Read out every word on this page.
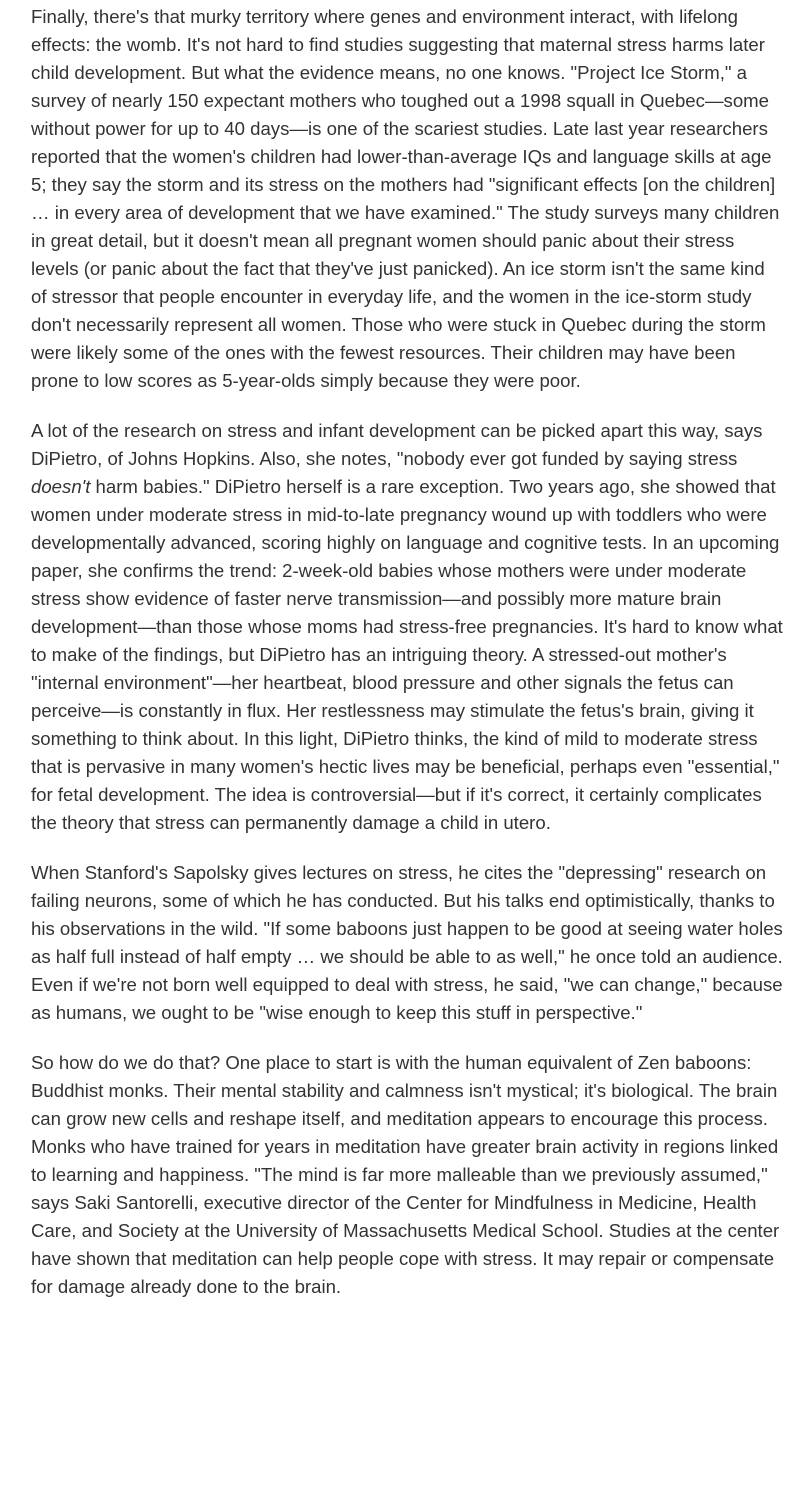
Finally, there's that murky territory where genes and environment interact, with lifelong effects: the womb. It's not hard to find studies suggesting that maternal stress harms later child development. But what the evidence means, no one knows. "Project Ice Storm," a survey of nearly 150 expectant mothers who toughed out a 1998 squall in Quebec—some without power for up to 40 days—is one of the scariest studies. Late last year researchers reported that the women's children had lower-than-average IQs and language skills at age 5; they say the storm and its stress on the mothers had "significant effects [on the children] … in every area of development that we have examined." The study surveys many children in great detail, but it doesn't mean all pregnant women should panic about their stress levels (or panic about the fact that they've just panicked). An ice storm isn't the same kind of stressor that people encounter in everyday life, and the women in the ice-storm study don't necessarily represent all women. Those who were stuck in Quebec during the storm were likely some of the ones with the fewest resources. Their children may have been prone to low scores as 5-year-olds simply because they were poor.

A lot of the research on stress and infant development can be picked apart this way, says DiPietro, of Johns Hopkins. Also, she notes, "nobody ever got funded by saying stress doesn't harm babies." DiPietro herself is a rare exception. Two years ago, she showed that women under moderate stress in mid-to-late pregnancy wound up with toddlers who were developmentally advanced, scoring highly on language and cognitive tests. In an upcoming paper, she confirms the trend: 2-week-old babies whose mothers were under moderate stress show evidence of faster nerve transmission—and possibly more mature brain development—than those whose moms had stress-free pregnancies. It's hard to know what to make of the findings, but DiPietro has an intriguing theory. A stressed-out mother's "internal environment"—her heartbeat, blood pressure and other signals the fetus can perceive—is constantly in flux. Her restlessness may stimulate the fetus's brain, giving it something to think about. In this light, DiPietro thinks, the kind of mild to moderate stress that is pervasive in many women's hectic lives may be beneficial, perhaps even "essential," for fetal development. The idea is controversial—but if it's correct, it certainly complicates the theory that stress can permanently damage a child in utero.

When Stanford's Sapolsky gives lectures on stress, he cites the "depressing" research on failing neurons, some of which he has conducted. But his talks end optimistically, thanks to his observations in the wild. "If some baboons just happen to be good at seeing water holes as half full instead of half empty … we should be able to as well," he once told an audience. Even if we're not born well equipped to deal with stress, he said, "we can change," because as humans, we ought to be "wise enough to keep this stuff in perspective."

So how do we do that? One place to start is with the human equivalent of Zen baboons: Buddhist monks. Their mental stability and calmness isn't mystical; it's biological. The brain can grow new cells and reshape itself, and meditation appears to encourage this process. Monks who have trained for years in meditation have greater brain activity in regions linked to learning and happiness. "The mind is far more malleable than we previously assumed," says Saki Santorelli, executive director of the Center for Mindfulness in Medicine, Health Care, and Society at the University of Massachusetts Medical School. Studies at the center have shown that meditation can help people cope with stress. It may repair or compensate for damage already done to the brain.
